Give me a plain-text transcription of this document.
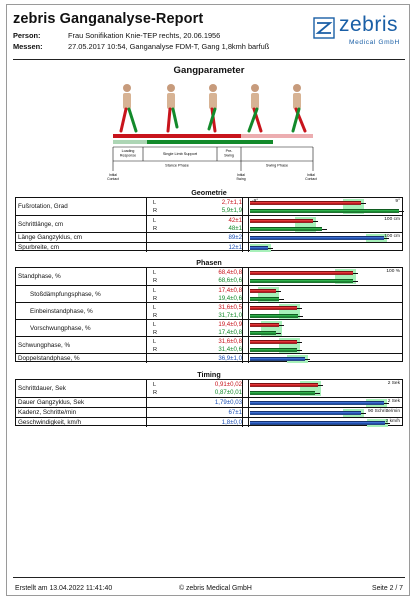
zebris Ganganalyse-Report
Person:	Frau Sonifikation Knie-TEP rechts, 20.06.1956
Messen:	27.05.2017 10:54, Ganganalyse FDM-T, Gang 1,8kmh barfuß
zebris
Medical GmbH
Gangparameter
Loading
Response	Single Limb Support
Pre-
Swing
Stance Phase	Swing Phase
Initial
Contact
Initial
Swing
Initial
Contact
Geometrie
Fußrotation, Grad	L	2,7±1,1
R	5,9±1,9
-9°	9°
Schrittlänge, cm	L	42±1
R	48±1
100 cm
Länge Gangzyklus, cm	89±2	100 cm
Spurbreite, cm	12±1
Phasen
Standphase, %	L	68,4±0,8
R	68,6±0,6
100 %
Stoßdämpfungsphase, %	L	17,4±0,8
R	19,4±0,6
Einbeinstandphase, %	L	31,6±0,5
R	31,7±1,0
Vorschwungphase, %	L	19,4±0,9
R	17,4±0,8
Schwungphase, %	L	31,6±0,8
R	31,4±0,6
Doppelstandphase, %	36,9±1,0
Timing
Schrittdauer, Sek	L	0,91±0,02
R	0,87±0,01
2 Sek
Dauer Gangzyklus, Sek	1,79±0,03	2 Sek
Kadenz, Schritte/min	67±1	90 Schritte/min
Geschwindigkeit, km/h	1,8±0,0	2 km/h
Erstellt am 13.04.2022 11:41:40	© zebris Medical GmbH	Seite 2 / 7
